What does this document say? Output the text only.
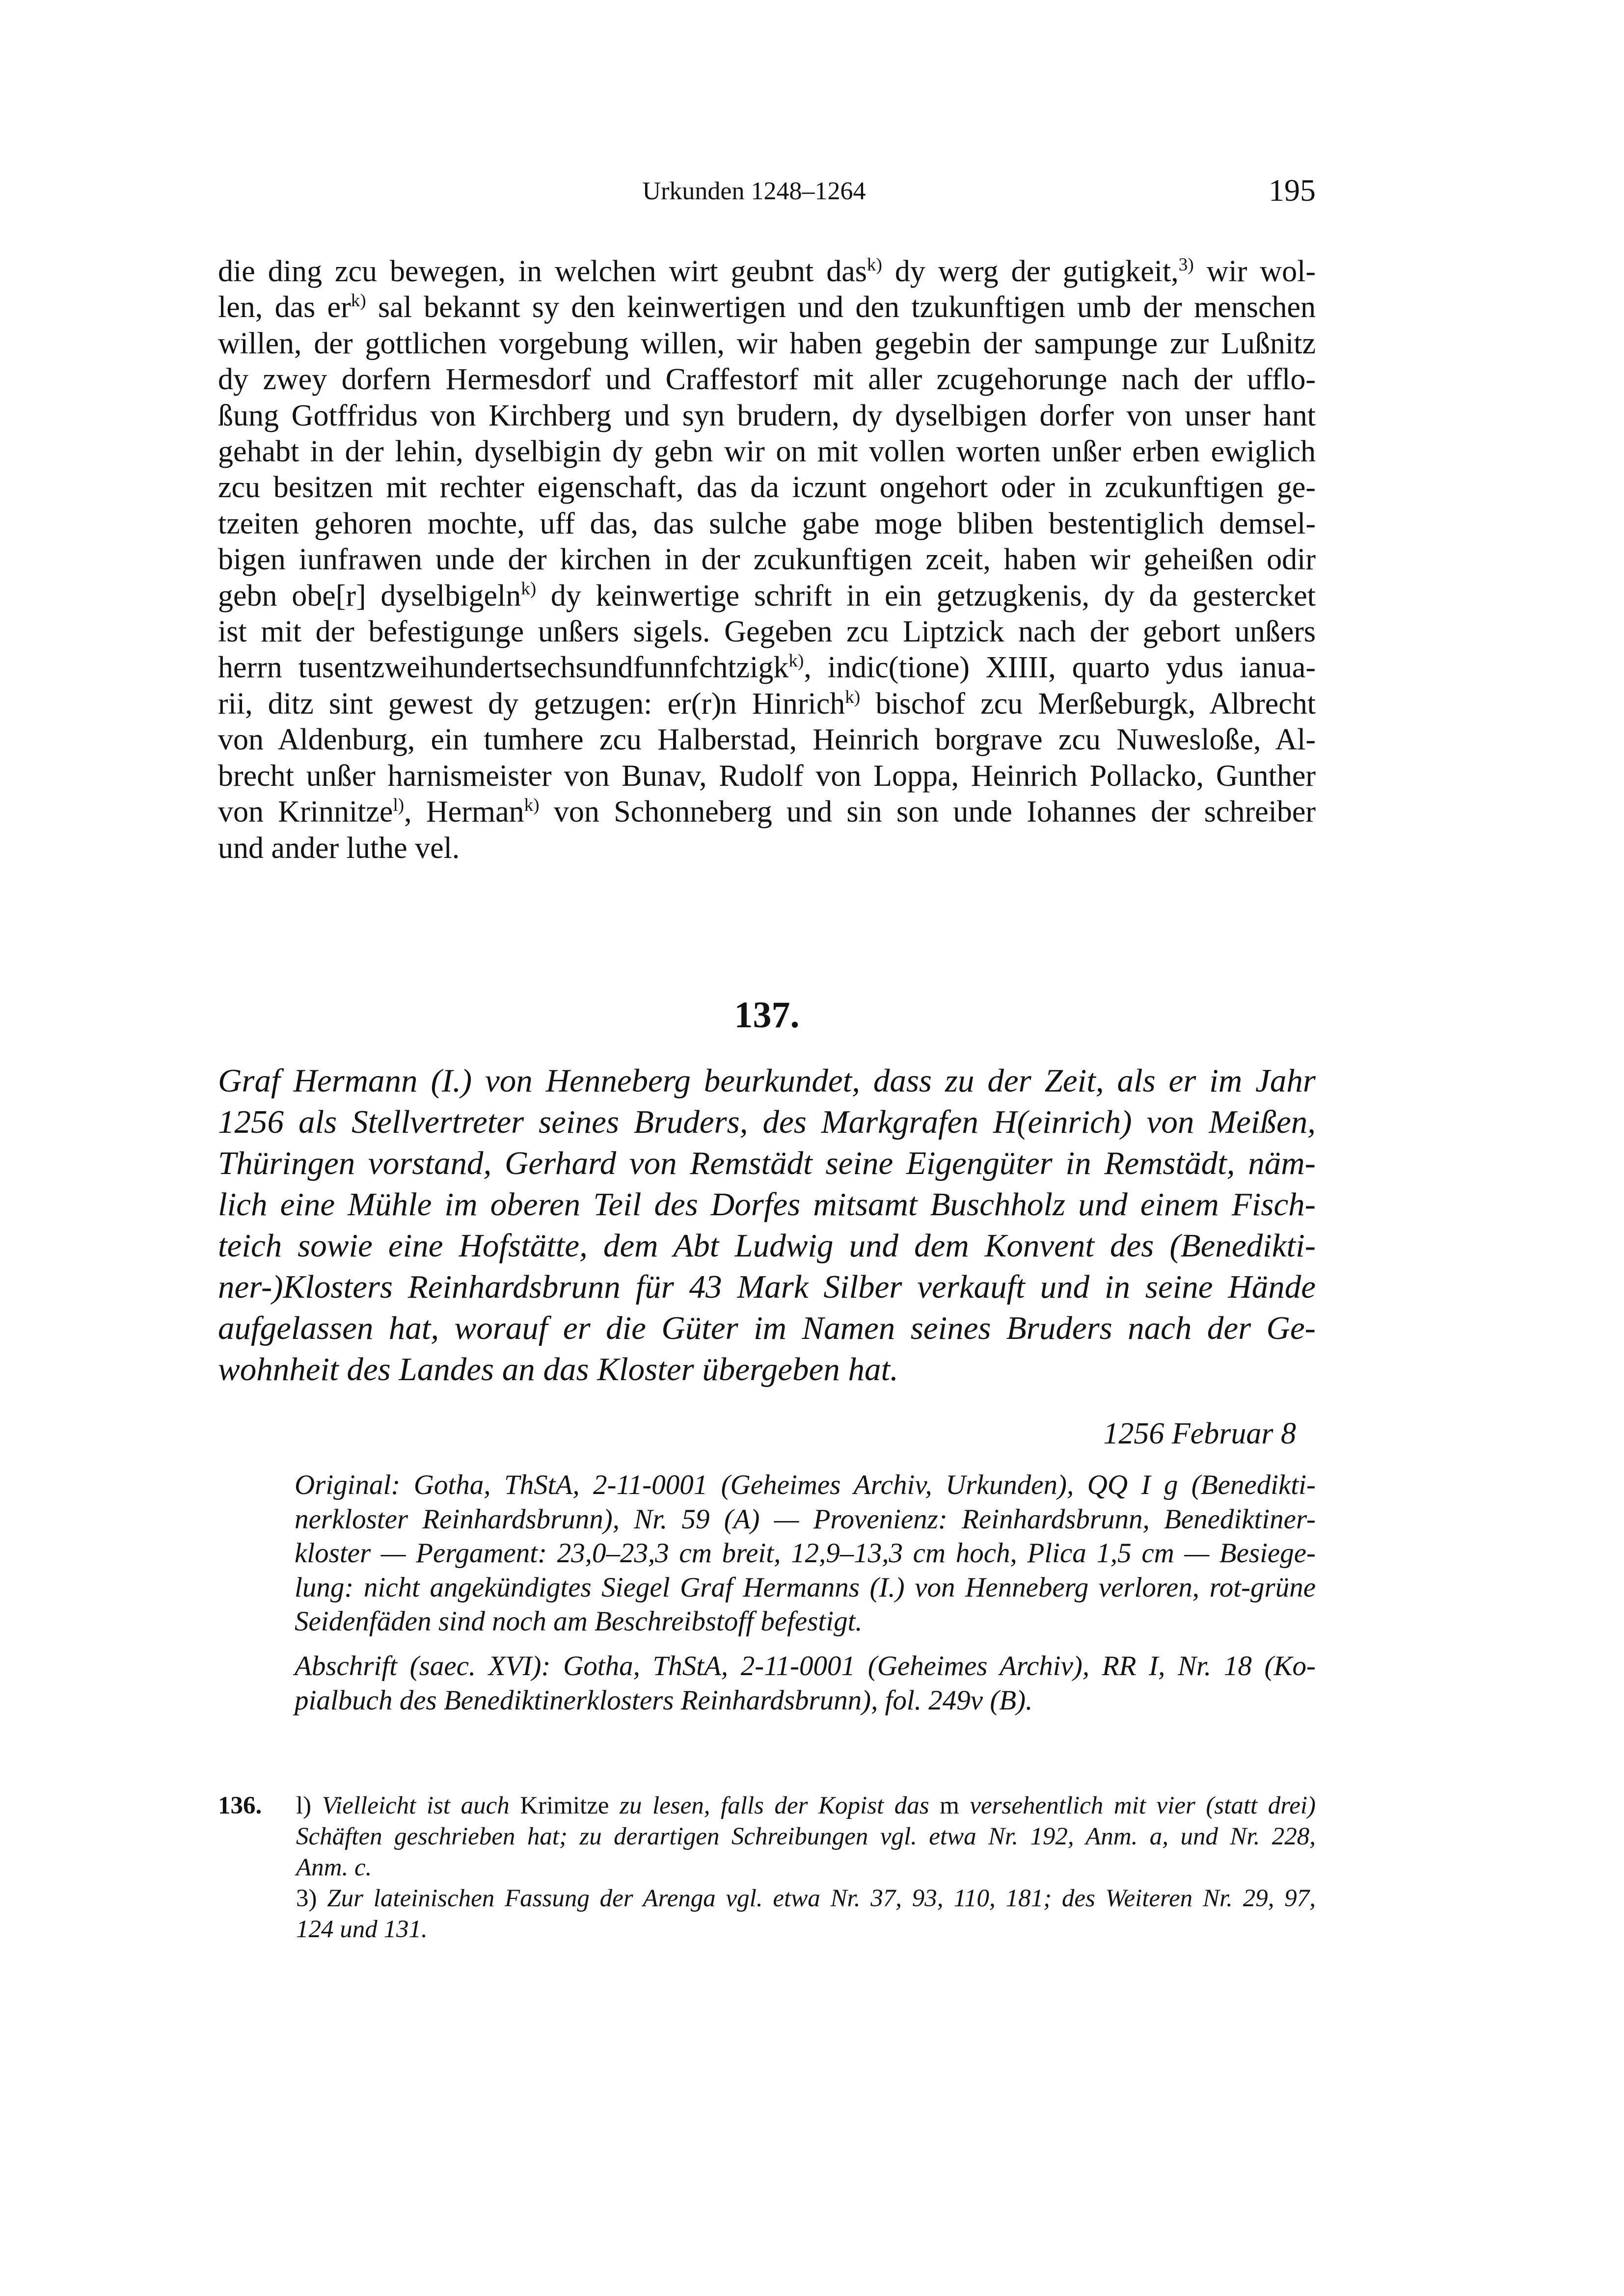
Urkunden 1248–1264	195
die ding zcu bewegen, in welchen wirt geubnt das$^{k)}$ dy werg der gutigkeit,$^{3)}$ wir wol-
len, das er$^{k)}$ sal bekannt sy den keinwertigen und den tzukunftigen umb der menschen
willen, der gottlichen vorgebung willen, wir haben gegebin der sampunge zur Lußnitz
dy zwey dorfern Hermesdorf und Craffestorf mit aller zcugehorunge nach der ufflo-
ßung Gotffridus von Kirchberg und syn brudern, dy dyselbigen dorfer von unser hant
gehabt in der lehin, dyselbigin dy gebn wir on mit vollen worten unßer erben ewiglich
zcu besitzen mit rechter eigenschaft, das da iczunt ongehort oder in zcukunftigen ge-
tzeiten gehoren mochte, uff das, das sulche gabe moge bliben bestentiglich demsel-
bigen iunfrawen unde der kirchen in der zcukunftigen zceit, haben wir geheißen odir
gebn obe[r] dyselbigeln$^{k)}$ dy keinwertige schrift in ein getzugkenis, dy da gestercket
ist mit der befestigunge unßers sigels. Gegeben zcu Liptzick nach der gebort unßers
herrn tusentzweihundertsechsundfunnfchtzigk$^{k)}$, indic(tione) XIIII, quarto ydus ianua-
rii, ditz sint gewest dy getzugen: er(r)n Hinrich$^{k)}$ bischof zcu Merßeburgk, Albrecht
von Aldenburg, ein tumhere zcu Halberstad, Heinrich borgrave zcu Nuwesloße, Al-
brecht unßer harnismeister von Bunav, Rudolf von Loppa, Heinrich Pollacko, Gunther
von Krinnitze$^{l)}$, Herman$^{k)}$ von Schonneberg und sin son unde Iohannes der schreiber
und ander luthe vel.
137.
Graf Hermann (I.) von Henneberg beurkundet, dass zu der Zeit, als er im Jahr
1256 als Stellvertreter seines Bruders, des Markgrafen H(einrich) von Meißen,
Thüringen vorstand, Gerhard von Remstädt seine Eigengüter in Remstädt, näm-
lich eine Mühle im oberen Teil des Dorfes mitsamt Buschholz und einem Fisch-
teich sowie eine Hofstätte, dem Abt Ludwig und dem Konvent des (Benedikti-
ner-)Klosters Reinhardsbrunn für 43 Mark Silber verkauft und in seine Hände
aufgelassen hat, worauf er die Güter im Namen seines Bruders nach der Ge-
wohnheit des Landes an das Kloster übergeben hat.
1256 Februar 8
Original: Gotha, ThStA, 2-11-0001 (Geheimes Archiv, Urkunden), QQ I g (Benedikti-
nerkloster Reinhardsbrunn), Nr. 59 (A) — Provenienz: Reinhardsbrunn, Benediktiner-
kloster — Pergament: 23,0–23,3 cm breit, 12,9–13,3 cm hoch, Plica 1,5 cm — Besiege-
lung: nicht angekündigtes Siegel Graf Hermanns (I.) von Henneberg verloren, rot-grüne
Seidenfäden sind noch am Beschreibstoff befestigt.
Abschrift (saec. XVI): Gotha, ThStA, 2-11-0001 (Geheimes Archiv), RR I, Nr. 18 (Ko-
pialbuch des Benediktinerklosters Reinhardsbrunn), fol. 249v (B).
136. l) Vielleicht ist auch Krimitze zu lesen, falls der Kopist das m versehentlich mit vier (statt drei)
Schäften geschrieben hat; zu derartigen Schreibungen vgl. etwa Nr. 192, Anm. a, und Nr. 228,
Anm. c.
3) Zur lateinischen Fassung der Arenga vgl. etwa Nr. 37, 93, 110, 181; des Weiteren Nr. 29, 97,
124 und 131.
